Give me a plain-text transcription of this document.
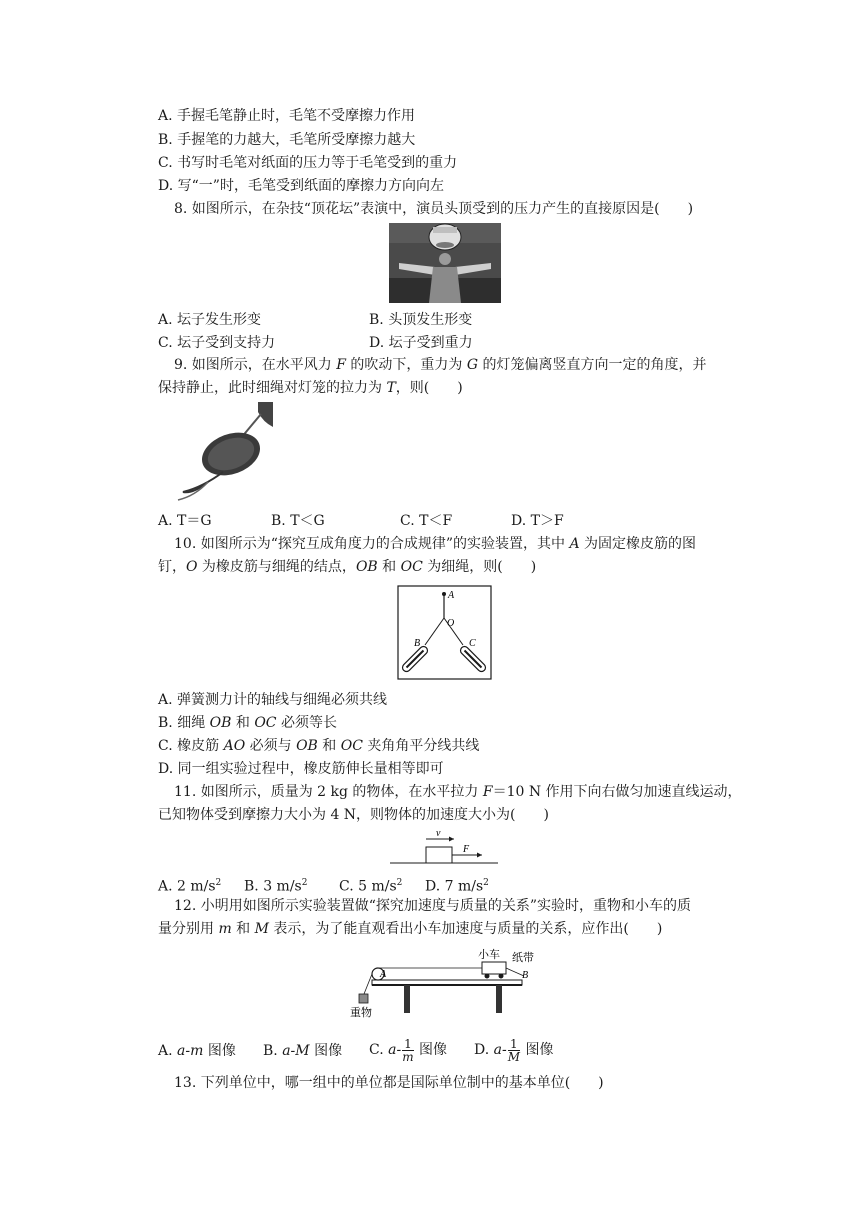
A. 手握毛笔静止时，毛笔不受摩擦力作用
B. 手握笔的力越大，毛笔所受摩擦力越大
C. 书写时毛笔对纸面的压力等于毛笔受到的重力
D. 写“一”时，毛笔受到纸面的摩擦力方向向左
8. 如图所示，在杂技“顶花坛”表演中，演员头顶受到的压力产生的直接原因是(　　)
A. 坛子发生形变	B. 头顶发生形变
C. 坛子受到支持力	D. 坛子受到重力
9. 如图所示，在水平风力 F 的吹动下，重力为 G 的灯笼偏离竖直方向一定的角度，并
保持静止，此时细绳对灯笼的拉力为 T，则(　　)
A. T＝G	B. T＜G	C. T＜F	D. T＞F
10. 如图所示为“探究互成角度力的合成规律”的实验装置，其中 A 为固定橡皮筋的图
钉，O 为橡皮筋与细绳的结点，OB 和 OC 为细绳，则(　　)
A
O
B	C
A. 弹簧测力计的轴线与细绳必须共线
B. 细绳 OB 和 OC 必须等长
C. 橡皮筋 AO 必须与 OB 和 OC 夹角角平分线共线
D. 同一组实验过程中，橡皮筋伸长量相等即可
11. 如图所示，质量为 2 kg 的物体，在水平拉力 F＝10 N 作用下向右做匀加速直线运动，
已知物体受到摩擦力大小为 4 N，则物体的加速度大小为(　　)
v
F
A. 2 $m/s^2$ B. 3 $m/s^2$ C. 5 $m/s^2$ D. 7 $m/s^2$
12. 小明用如图所示实验装置做“探究加速度与质量的关系”实验时，重物和小车的质
量分别用 m 和 M 表示，为了能直观看出小车加速度与质量的关系，应作出(　　)
小车 纸带
A	B
重物
A. a-m 图像 B. a-M 图像 C. $a- \frac{1}{m}$ 图像 D. $a- \frac{1}{M}$ 图像
13. 下列单位中，哪一组中的单位都是国际单位制中的基本单位(　　)
